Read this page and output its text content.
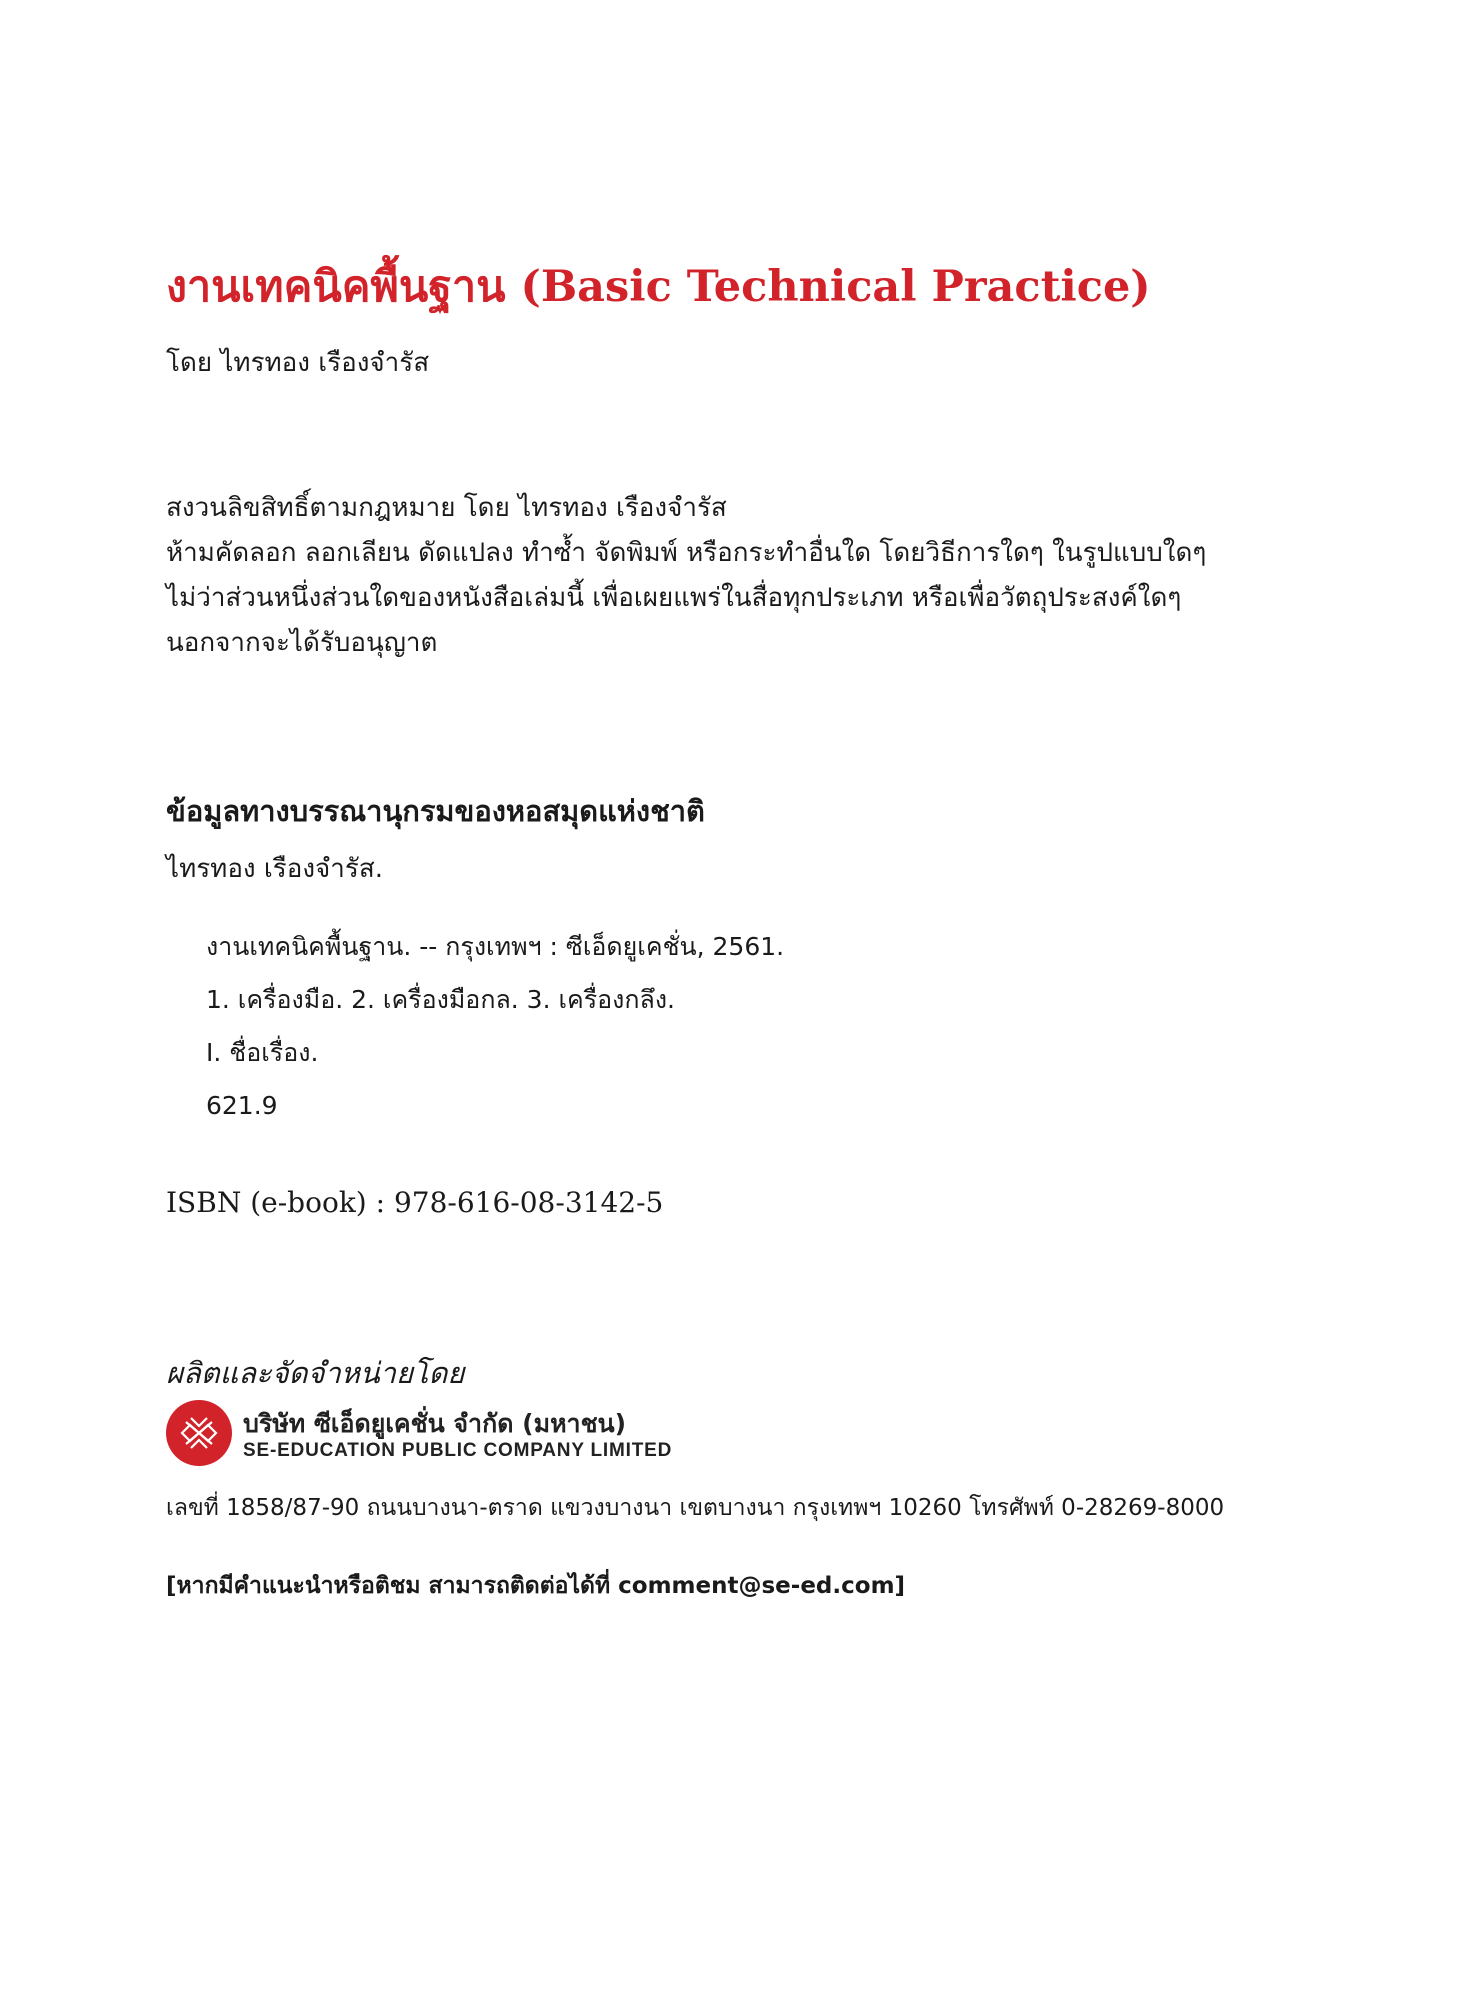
งานเทคนิคพื้นฐาน (Basic Technical Practice)
โดย ไทรทอง เรืองจำรัส
สงวนลิขสิทธิ์ตามกฎหมาย โดย ไทรทอง เรืองจำรัส
ห้ามคัดลอก ลอกเลียน ดัดแปลง ทำซ้ำ จัดพิมพ์ หรือกระทำอื่นใด โดยวิธีการใดๆ ในรูปแบบใดๆ
ไม่ว่าส่วนหนึ่งส่วนใดของหนังสือเล่มนี้ เพื่อเผยแพร่ในสื่อทุกประเภท หรือเพื่อวัตถุประสงค์ใดๆ
นอกจากจะได้รับอนุญาต
ข้อมูลทางบรรณานุกรมของหอสมุดแห่งชาติ
ไทรทอง เรืองจำรัส.
งานเทคนิคพื้นฐาน. -- กรุงเทพฯ : ซีเอ็ดยูเคชั่น, 2561.
1. เครื่องมือ. 2. เครื่องมือกล. 3. เครื่องกลึง.
I. ชื่อเรื่อง.
621.9
ISBN (e-book) : 978-616-08-3142-5
ผลิตและจัดจำหน่ายโดย
บริษัท ซีเอ็ดยูเคชั่น จำกัด (มหาชน)
SE-EDUCATION PUBLIC COMPANY LIMITED
เลขที่ 1858/87-90 ถนนบางนา-ตราด แขวงบางนา เขตบางนา กรุงเทพฯ 10260 โทรศัพท์ 0-28269-8000
[หากมีคำแนะนำหรือติชม สามารถติดต่อได้ที่ comment@se-ed.com]
